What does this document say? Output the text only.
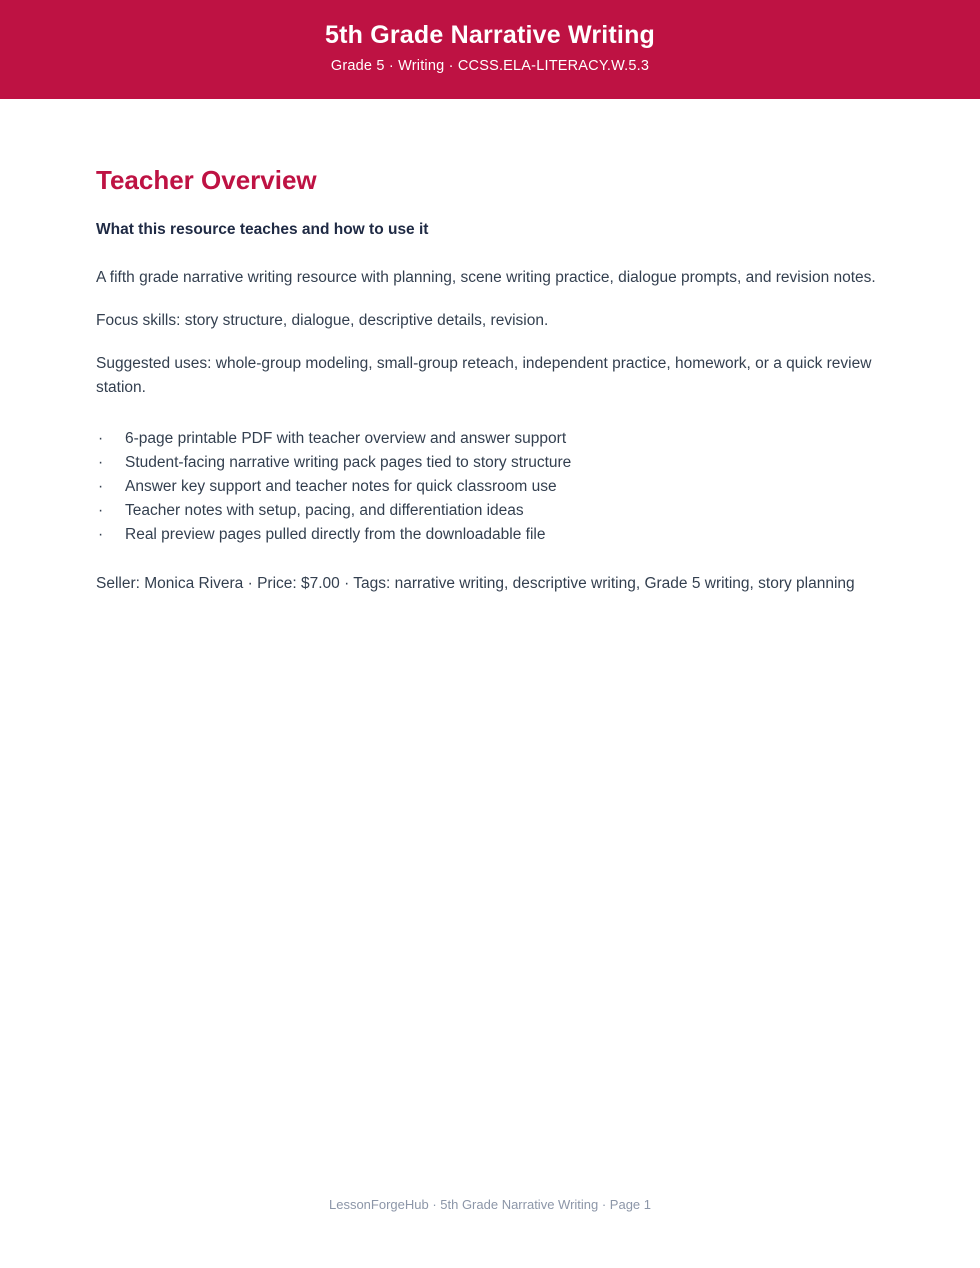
5th Grade Narrative Writing
Grade 5 · Writing · CCSS.ELA-LITERACY.W.5.3
Teacher Overview
What this resource teaches and how to use it

A fifth grade narrative writing resource with planning, scene writing practice, dialogue prompts, and revision notes.

Focus skills: story structure, dialogue, descriptive details, revision.

Suggested uses: whole-group modeling, small-group reteach, independent practice, homework, or a quick review station.

·	6-page printable PDF with teacher overview and answer support
·	Student-facing narrative writing pack pages tied to story structure
·	Answer key support and teacher notes for quick classroom use
·	Teacher notes with setup, pacing, and differentiation ideas
·	Real preview pages pulled directly from the downloadable file

Seller: Monica Rivera · Price: $7.00 · Tags: narrative writing, descriptive writing, Grade 5 writing, story planning

LessonForgeHub · 5th Grade Narrative Writing · Page 1
